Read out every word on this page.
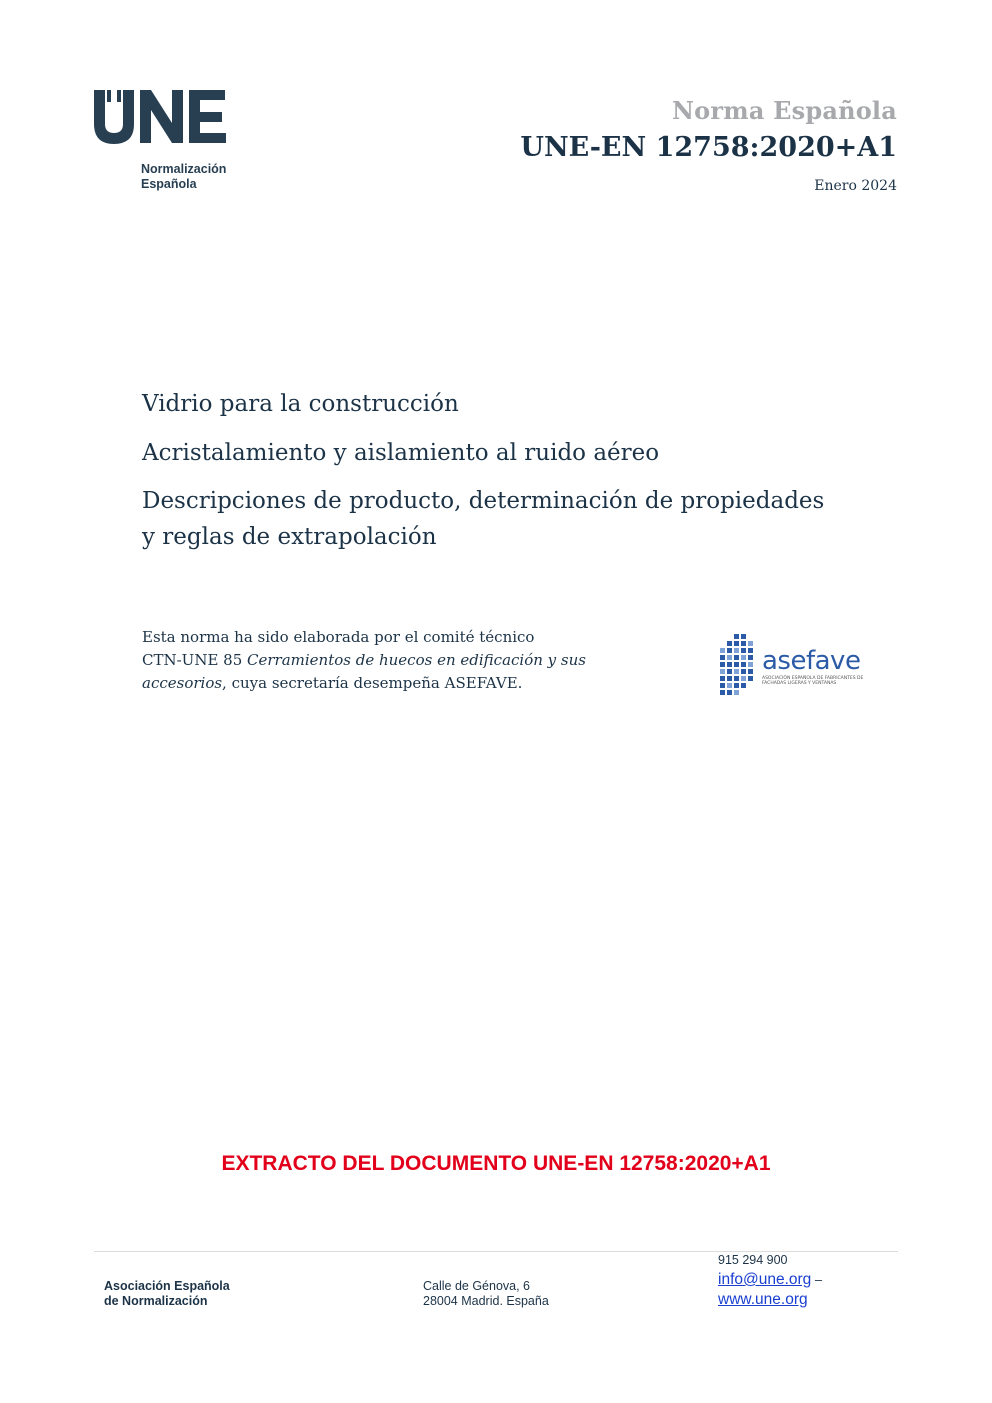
Normalización
Española
Norma Española
UNE-EN 12758:2020+A1
Enero 2024
Vidrio para la construcción
Acristalamiento y aislamiento al ruido aéreo
Descripciones de producto, determinación de propiedades
y reglas de extrapolación
Esta norma ha sido elaborada por el comité técnico
CTN-UNE 85 Cerramientos de huecos en edificación y sus accesorios, cuya secretaría desempeña ASEFAVE.
asefave
ASOCIACIÓN ESPAÑOLA DE FABRICANTES DE FACHADAS LIGERAS Y VENTANAS
EXTRACTO DEL DOCUMENTO UNE-EN 12758:2020+A1
Asociación Española
de Normalización
Calle de Génova, 6
28004 Madrid. España
915 294 900
info@une.org –
www.une.org
